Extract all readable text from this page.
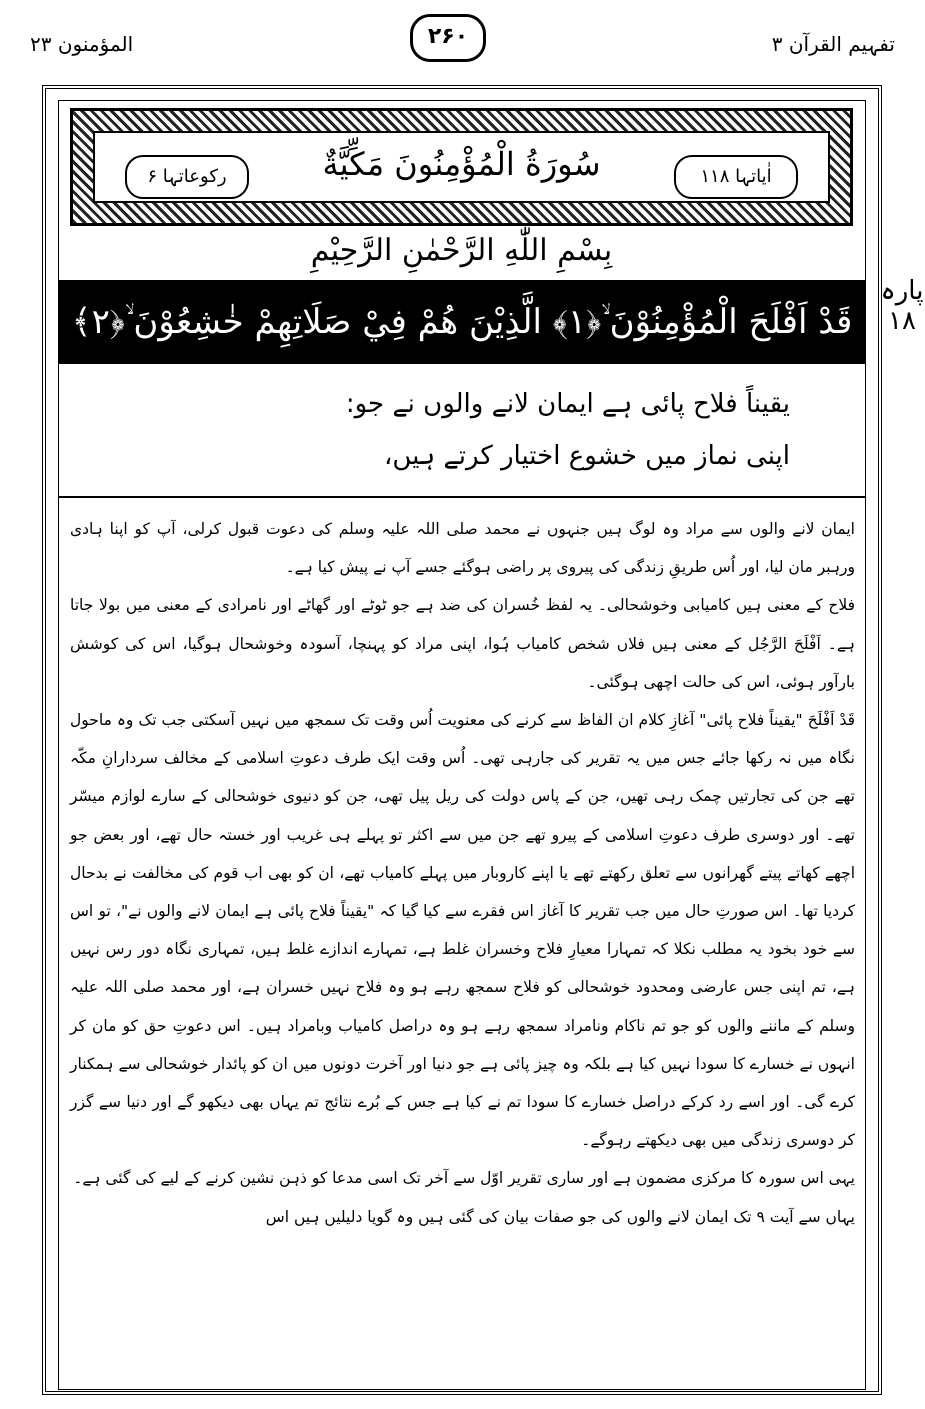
المؤمنون ۲۳	۲۶۰	تفہیم القرآن ۳
اٰیاتہا ۱۱۸
سُورَةُ الْمُؤْمِنُونَ مَكِّيَّةٌ
رکوعاتہا ۶
بِسْمِ اللّٰهِ الرَّحْمٰنِ الرَّحِيْمِ
قَدْ اَفْلَحَ الْمُؤْمِنُوْنَ ۙ﴿۱﴾ الَّذِيْنَ هُمْ فِيْ صَلَاتِهِمْ خٰشِعُوْنَ ۙ﴿۲﴾
پارہ ۱۸
یقیناً فلاح پائی ہے ایمان لانے والوں نے جو:
اپنی نماز میں خشوع اختیار کرتے ہیں،

ایمان لانے والوں سے مراد وہ لوگ ہیں جنہوں نے محمد صلی اللہ علیہ وسلم کی دعوت قبول کرلی، آپ کو اپنا ہادی ورہبر مان لیا، اور اُس طریقِ زندگی کی پیروی پر راضی ہوگئے جسے آپ نے پیش کیا ہے۔

فلاح کے معنی ہیں کامیابی وخوشحالی۔ یہ لفظ خُسران کی ضد ہے جو ٹوٹے اور گھاٹے اور نامرادی کے معنی میں بولا جاتا ہے۔ اَفْلَحَ الرَّجُل کے معنی ہیں فلاں شخص کامیاب ہُوا، اپنی مراد کو پہنچا، آسودہ وخوشحال ہوگیا، اس کی کوشش بارآور ہوئی، اس کی حالت اچھی ہوگئی۔

قَدْ اَفْلَحَ "یقیناً فلاح پائی" آغازِ کلام ان الفاظ سے کرنے کی معنویت اُس وقت تک سمجھ میں نہیں آسکتی جب تک وہ ماحول نگاہ میں نہ رکھا جائے جس میں یہ تقریر کی جارہی تھی۔ اُس وقت ایک طرف دعوتِ اسلامی کے مخالف سردارانِ مکّہ تھے جن کی تجارتیں چمک رہی تھیں، جن کے پاس دولت کی ریل پیل تھی، جن کو دنیوی خوشحالی کے سارے لوازم میسّر تھے۔ اور دوسری طرف دعوتِ اسلامی کے پیرو تھے جن میں سے اکثر تو پہلے ہی غریب اور خستہ حال تھے، اور بعض جو اچھے کھاتے پیتے گھرانوں سے تعلق رکھتے تھے یا اپنے کاروبار میں پہلے کامیاب تھے، ان کو بھی اب قوم کی مخالفت نے بدحال کردیا تھا۔ اس صورتِ حال میں جب تقریر کا آغاز اس فقرے سے کیا گیا کہ "یقیناً فلاح پائی ہے ایمان لانے والوں نے"، تو اس سے خود بخود یہ مطلب نکلا کہ تمہارا معیارِ فلاح وخسران غلط ہے، تمہارے اندازے غلط ہیں، تمہاری نگاہ دور رس نہیں ہے، تم اپنی جس عارضی ومحدود خوشحالی کو فلاح سمجھ رہے ہو وہ فلاح نہیں خسران ہے، اور محمد صلی اللہ علیہ وسلم کے ماننے والوں کو جو تم ناکام ونامراد سمجھ رہے ہو وہ دراصل کامیاب وبامراد ہیں۔ اس دعوتِ حق کو مان کر انہوں نے خسارے کا سودا نہیں کیا ہے بلکہ وہ چیز پائی ہے جو دنیا اور آخرت دونوں میں ان کو پائدار خوشحالی سے ہمکنار کرے گی۔ اور اسے رد کرکے دراصل خسارے کا سودا تم نے کیا ہے جس کے بُرے نتائج تم یہاں بھی دیکھو گے اور دنیا سے گزر کر دوسری زندگی میں بھی دیکھتے رہوگے۔

یہی اس سورہ کا مرکزی مضمون ہے اور ساری تقریر اوّل سے آخر تک اسی مدعا کو ذہن نشین کرنے کے لیے کی گئی ہے۔

یہاں سے آیت ۹ تک ایمان لانے والوں کی جو صفات بیان کی گئی ہیں وہ گویا دلیلیں ہیں اس
